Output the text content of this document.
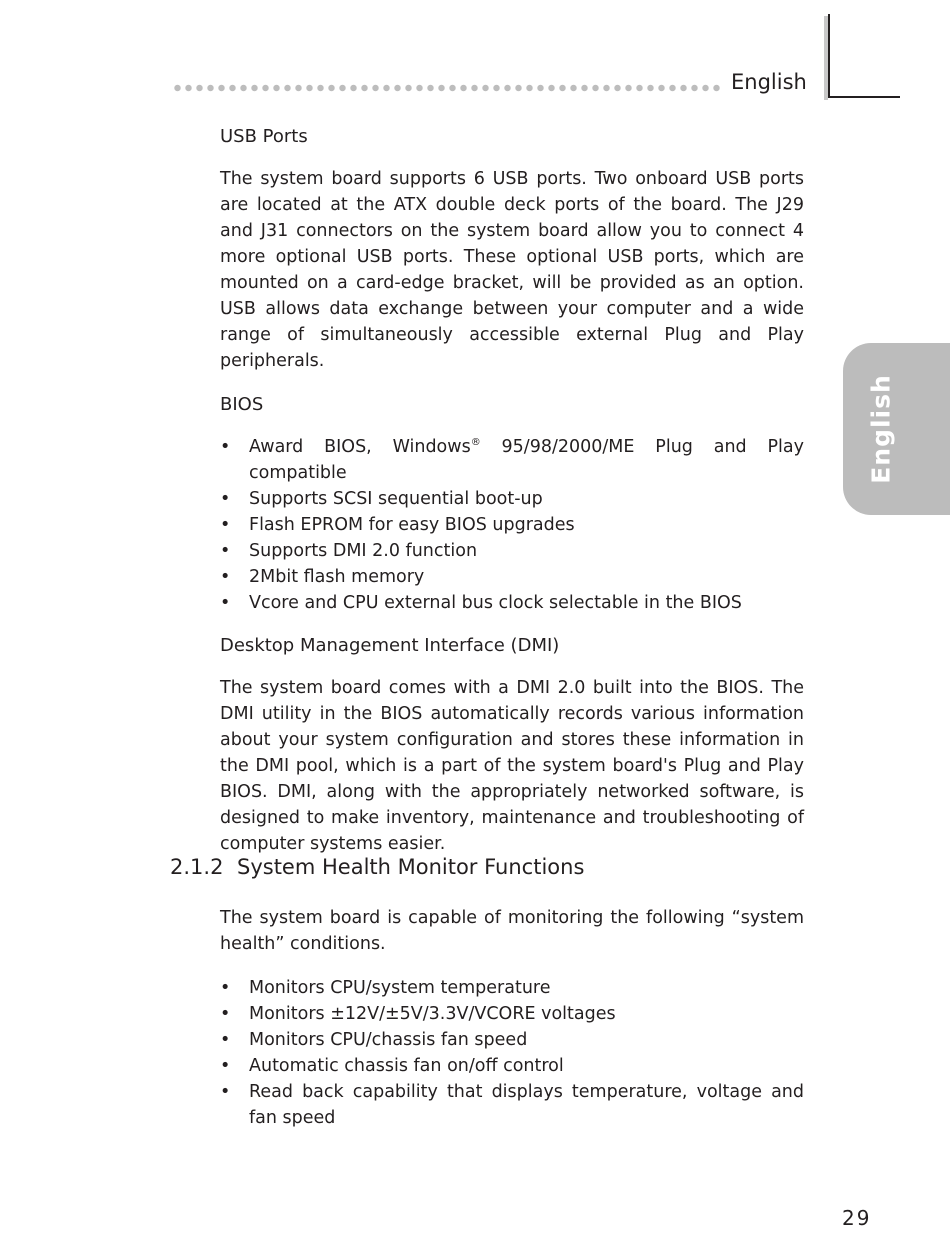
English
English
USB Ports

The system board supports 6 USB ports. Two onboard USB ports are located at the ATX double deck ports of the board. The J29 and J31 connectors on the system board allow you to connect 4 more optional USB ports. These optional USB ports, which are mounted on a card-edge bracket, will be provided as an option. USB allows data exchange between your computer and a wide range of simultaneously accessible external Plug and Play peripherals.

BIOS
• Award BIOS, Windows® 95/98/2000/ME Plug and Play compatible
• Supports SCSI sequential boot-up
• Flash EPROM for easy BIOS upgrades
• Supports DMI 2.0 function
• 2Mbit flash memory
• Vcore and CPU external bus clock selectable in the BIOS
Desktop Management Interface (DMI)

The system board comes with a DMI 2.0 built into the BIOS. The DMI utility in the BIOS automatically records various information about your system configuration and stores these information in the DMI pool, which is a part of the system board's Plug and Play BIOS. DMI, along with the appropriately networked software, is designed to make inventory, maintenance and troubleshooting of computer systems easier.

2.1.2 System Health Monitor Functions

The system board is capable of monitoring the following “system health” conditions.

• Monitors CPU/system temperature
• Monitors ±12V/±5V/3.3V/VCORE voltages
• Monitors CPU/chassis fan speed
• Automatic chassis fan on/off control
• Read back capability that displays temperature, voltage and fan speed
29
